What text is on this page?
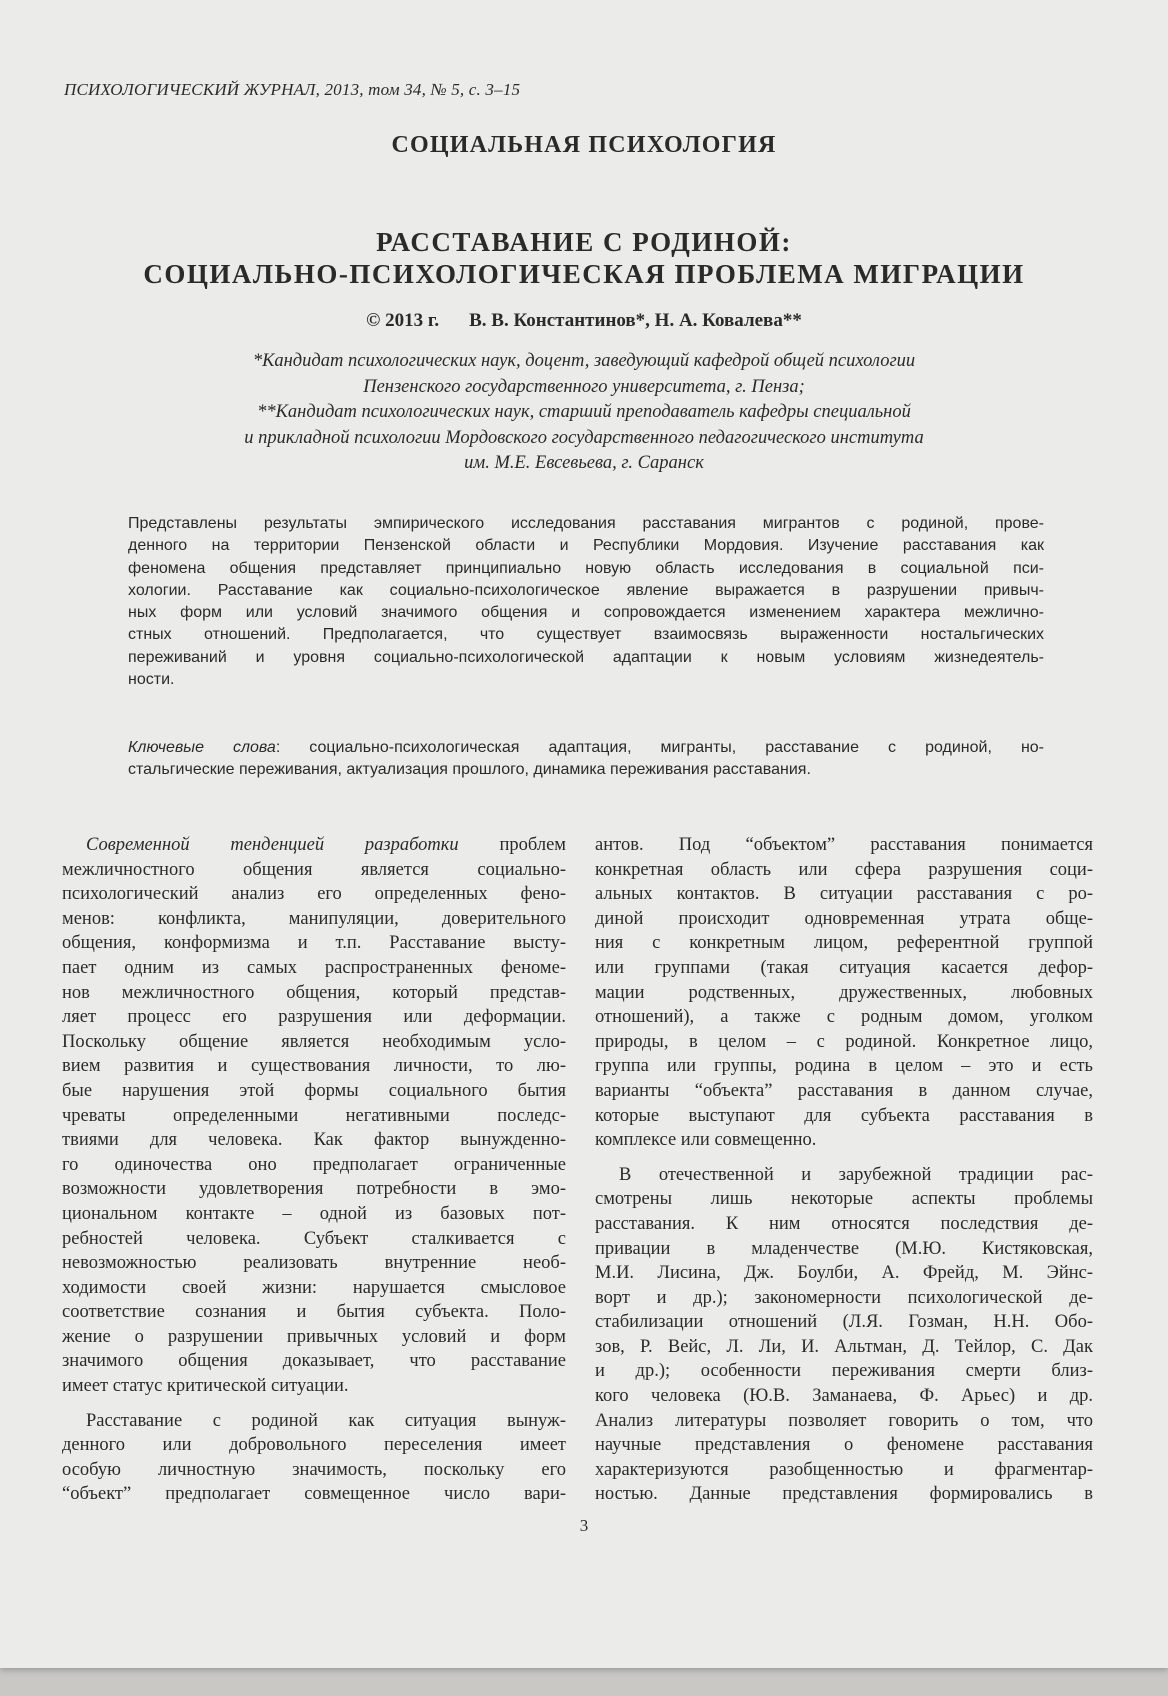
ПСИХОЛОГИЧЕСКИЙ ЖУРНАЛ, 2013, том 34, № 5, с. 3–15
СОЦИАЛЬНАЯ ПСИХОЛОГИЯ
РАССТАВАНИЕ С РОДИНОЙ:
СОЦИАЛЬНО-ПСИХОЛОГИЧЕСКАЯ ПРОБЛЕМА МИГРАЦИИ
© 2013 г. В. В. Константинов*, Н. А. Ковалева**
*Кандидат психологических наук, доцент, заведующий кафедрой общей психологии
Пензенского государственного университета, г. Пенза;
**Кандидат психологических наук, старший преподаватель кафедры специальной
и прикладной психологии Мордовского государственного педагогического института
им. М.Е. Евсевьева, г. Саранск
Представлены результаты эмпирического исследования расставания мигрантов с родиной, прове-
денного на территории Пензенской области и Республики Мордовия. Изучение расставания как
феномена общения представляет принципиально новую область исследования в социальной пси-
хологии. Расставание как социально-психологическое явление выражается в разрушении привыч-
ных форм или условий значимого общения и сопровождается изменением характера межличнo-
стных отношений. Предполагается, что существует взаимосвязь выраженности ностальгических
переживаний и уровня социально-психологической адаптации к новым условиям жизнедеятель-
ности.
Ключевые слова: социально-психологическая адаптация, мигранты, расставание с родиной, но-
стальгические переживания, актуализация прошлого, динамика переживания расставания.
Современной тенденцией разработки проблем
межличностного общения является социально-
психологический анализ его определенных фено-
менов: конфликта, манипуляции, доверительного
общения, конформизма и т.п. Расставание высту-
пает одним из самых распространенных феноме-
нов межличностного общения, который представ-
ляет процесс его разрушения или деформации.
Поскольку общение является необходимым усло-
вием развития и существования личности, то лю-
бые нарушения этой формы социального бытия
чреваты определенными негативными последс-
твиями для человека. Как фактор вынужденно-
го одиночества оно предполагает ограниченные
возможности удовлетворения потребности в эмо-
циональном контакте – одной из базовых пот-
ребностей человека. Субъект сталкивается с
невозможностью реализовать внутренние необ-
ходимости своей жизни: нарушается смысловое
соответствие сознания и бытия субъекта. Поло-
жение о разрушении привычных условий и форм
значимого общения доказывает, что расставание
имеет статус критической ситуации.
Расставание с родиной как ситуация вынуж-
денного или добровольного переселения имеет
особую личностную значимость, поскольку его
“объект” предполагает совмещенное число вари-
антов. Под “объектом” расставания понимается
конкретная область или сфера разрушения соци-
альных контактов. В ситуации расставания с ро-
диной происходит одновременная утрата обще-
ния с конкретным лицом, референтной группой
или группами (такая ситуация касается дефор-
мации родственных, дружественных, любовных
отношений), а также с родным домом, уголком
природы, в целом – с родиной. Конкретное лицо,
группа или группы, родина в целом – это и есть
варианты “объекта” расставания в данном случае,
которые выступают для субъекта расставания в
комплексе или совмещенно.
В отечественной и зарубежной традиции рас-
смотрены лишь некоторые аспекты проблемы
расставания. К ним относятся последствия де-
привации в младенчестве (М.Ю. Кистяковская,
М.И. Лисина, Дж. Боулби, А. Фрейд, М. Эйнс-
ворт и др.); закономерности психологической де-
стабилизации отношений (Л.Я. Гозман, Н.Н. Обо-
зов, Р. Вейс, Л. Ли, И. Альтман, Д. Тейлор, С. Дак
и др.); особенности переживания смерти близ-
кого человека (Ю.В. Заманаева, Ф. Арьес) и др.
Анализ литературы позволяет говорить о том, что
научные представления о феномене расставания
характеризуются разобщенностью и фрагментар-
ностью. Данные представления формировались в
3
